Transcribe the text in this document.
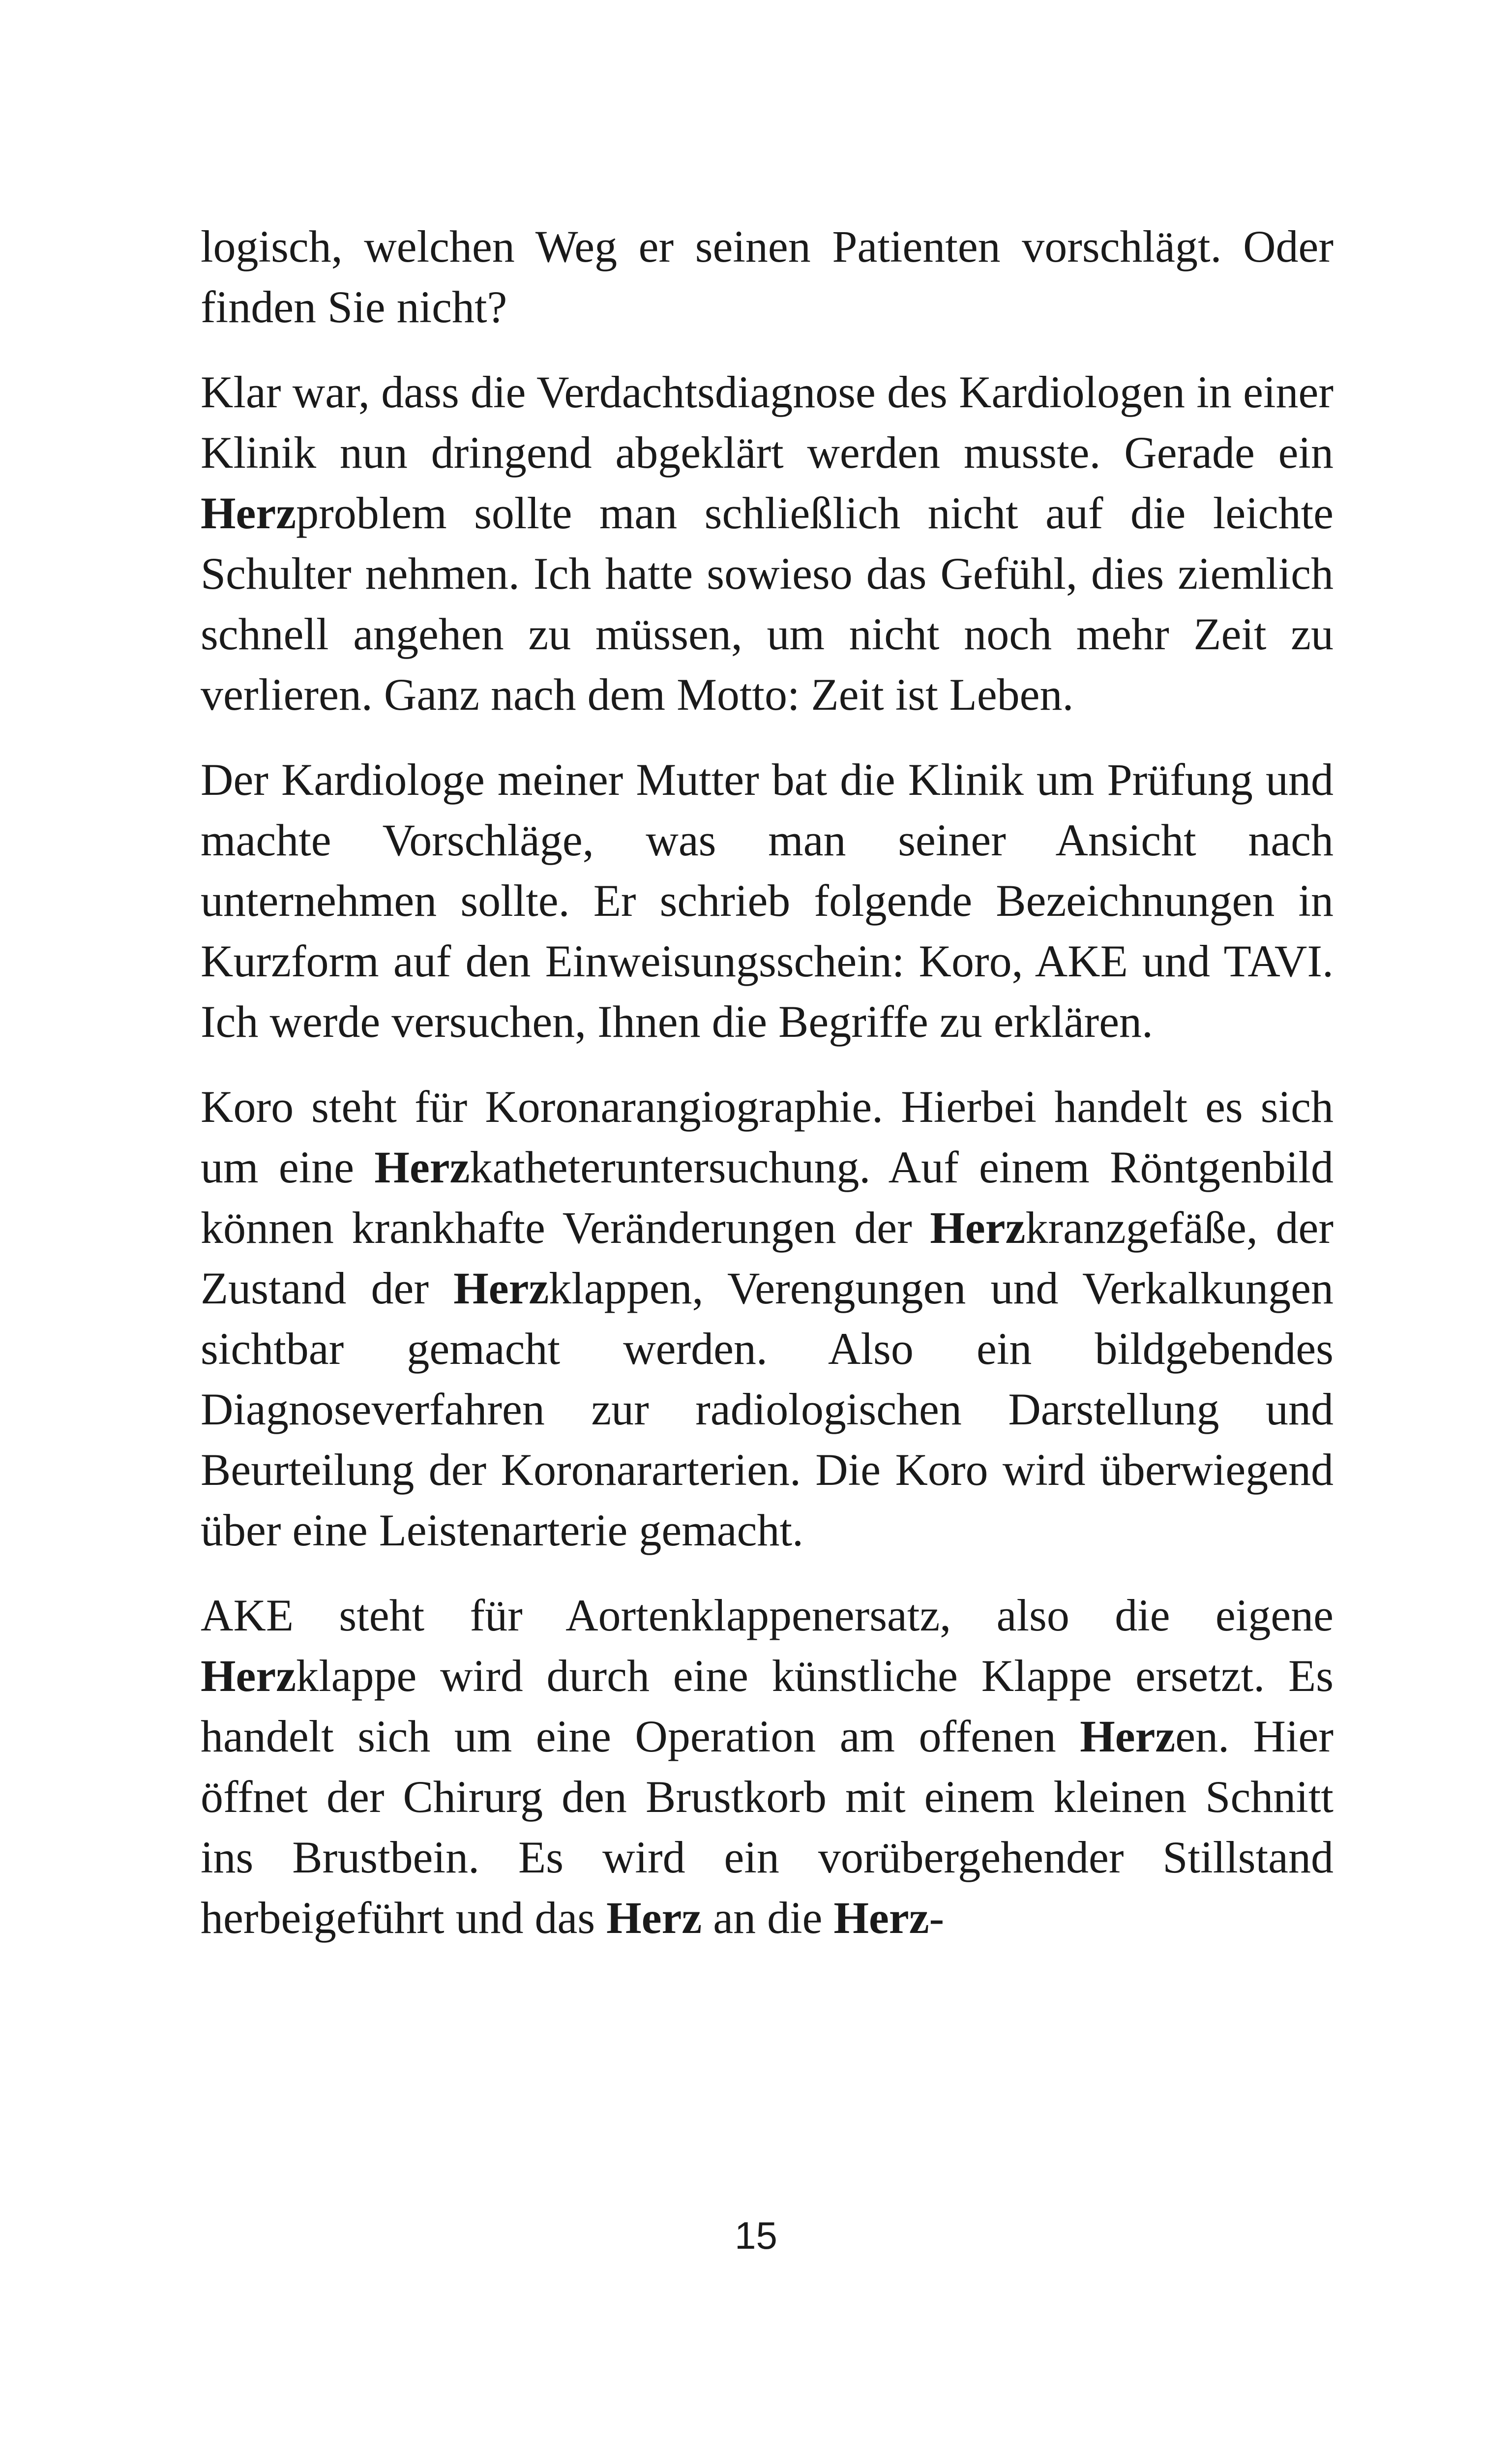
logisch, welchen Weg er seinen Patienten vorschlägt. Oder finden Sie nicht?

Klar war, dass die Verdachtsdiagnose des Kardiologen in einer Klinik nun dringend abgeklärt werden musste. Gerade ein Herzproblem sollte man schließlich nicht auf die leichte Schulter nehmen. Ich hatte sowieso das Gefühl, dies ziemlich schnell angehen zu müssen, um nicht noch mehr Zeit zu verlieren. Ganz nach dem Motto: Zeit ist Leben.

Der Kardiologe meiner Mutter bat die Klinik um Prüfung und machte Vorschläge, was man seiner Ansicht nach unternehmen sollte. Er schrieb folgende Bezeichnungen in Kurzform auf den Einweisungsschein: Koro, AKE und TAVI. Ich werde versuchen, Ihnen die Begriffe zu erklären.

Koro steht für Koronarangiographie. Hierbei handelt es sich um eine Herzkatheteruntersuchung. Auf einem Röntgenbild können krankhafte Veränderungen der Herzkranzgefäße, der Zustand der Herzklappen, Verengungen und Verkalkungen sichtbar gemacht werden. Also ein bildgebendes Diagnoseverfahren zur radiologischen Darstellung und Beurteilung der Koronararterien. Die Koro wird überwiegend über eine Leistenarterie gemacht.

AKE steht für Aortenklappenersatz, also die eigene Herzklappe wird durch eine künstliche Klappe ersetzt. Es handelt sich um eine Operation am offenen Herzen. Hier öffnet der Chirurg den Brustkorb mit einem kleinen Schnitt ins Brustbein. Es wird ein vorübergehender Stillstand herbeigeführt und das Herz an die Herz-

15
